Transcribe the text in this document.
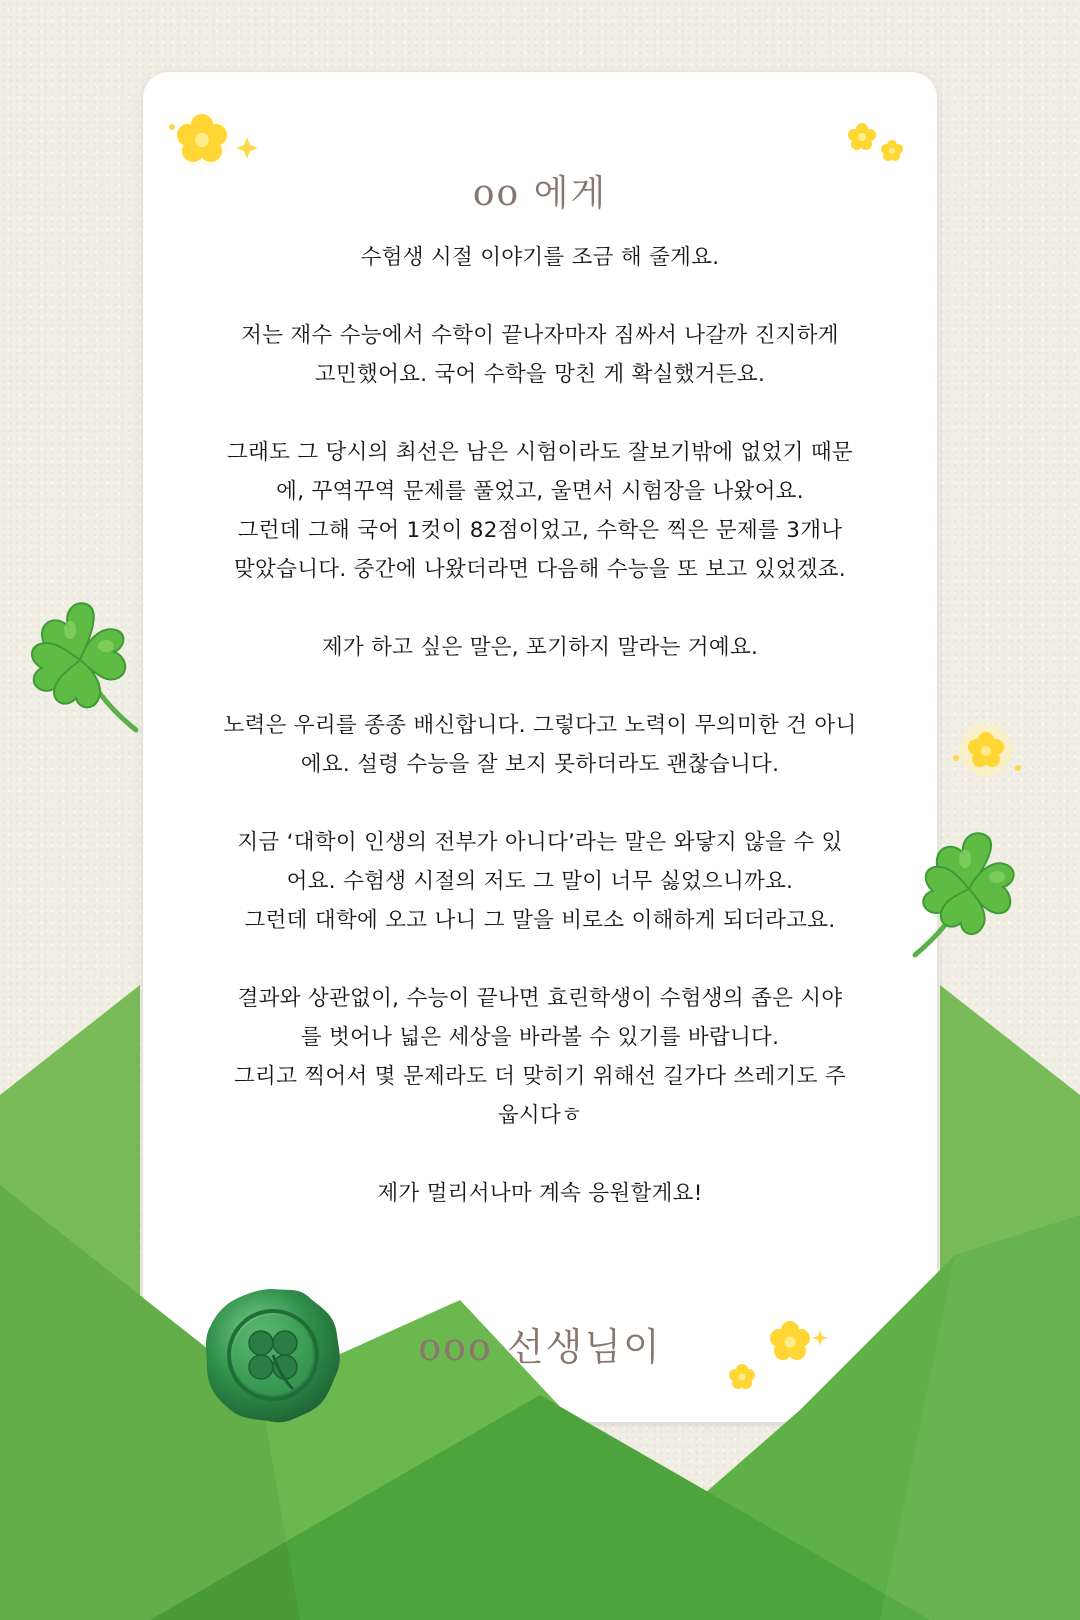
oo 에게

수험생 시절 이야기를 조금 해 줄게요.

저는 재수 수능에서 수학이 끝나자마자 짐싸서 나갈까 진지하게
고민했어요. 국어 수학을 망친 게 확실했거든요.

그래도 그 당시의 최선은 남은 시험이라도 잘보기밖에 없었기 때문
에, 꾸역꾸역 문제를 풀었고, 울면서 시험장을 나왔어요.
그런데 그해 국어 1컷이 82점이었고, 수학은 찍은 문제를 3개나
맞았습니다. 중간에 나왔더라면 다음해 수능을 또 보고 있었겠죠.

제가 하고 싶은 말은, 포기하지 말라는 거예요.

노력은 우리를 종종 배신합니다. 그렇다고 노력이 무의미한 건 아니
에요. 설령 수능을 잘 보지 못하더라도 괜찮습니다.

지금 ‘대학이 인생의 전부가 아니다’라는 말은 와닿지 않을 수 있
어요. 수험생 시절의 저도 그 말이 너무 싫었으니까요.
그런데 대학에 오고 나니 그 말을 비로소 이해하게 되더라고요.

결과와 상관없이, 수능이 끝나면 효린학생이 수험생의 좁은 시야
를 벗어나 넓은 세상을 바라볼 수 있기를 바랍니다.
그리고 찍어서 몇 문제라도 더 맞히기 위해선 길가다 쓰레기도 주
웁시다ㅎ

제가 멀리서나마 계속 응원할게요!

ooo 선생님이
